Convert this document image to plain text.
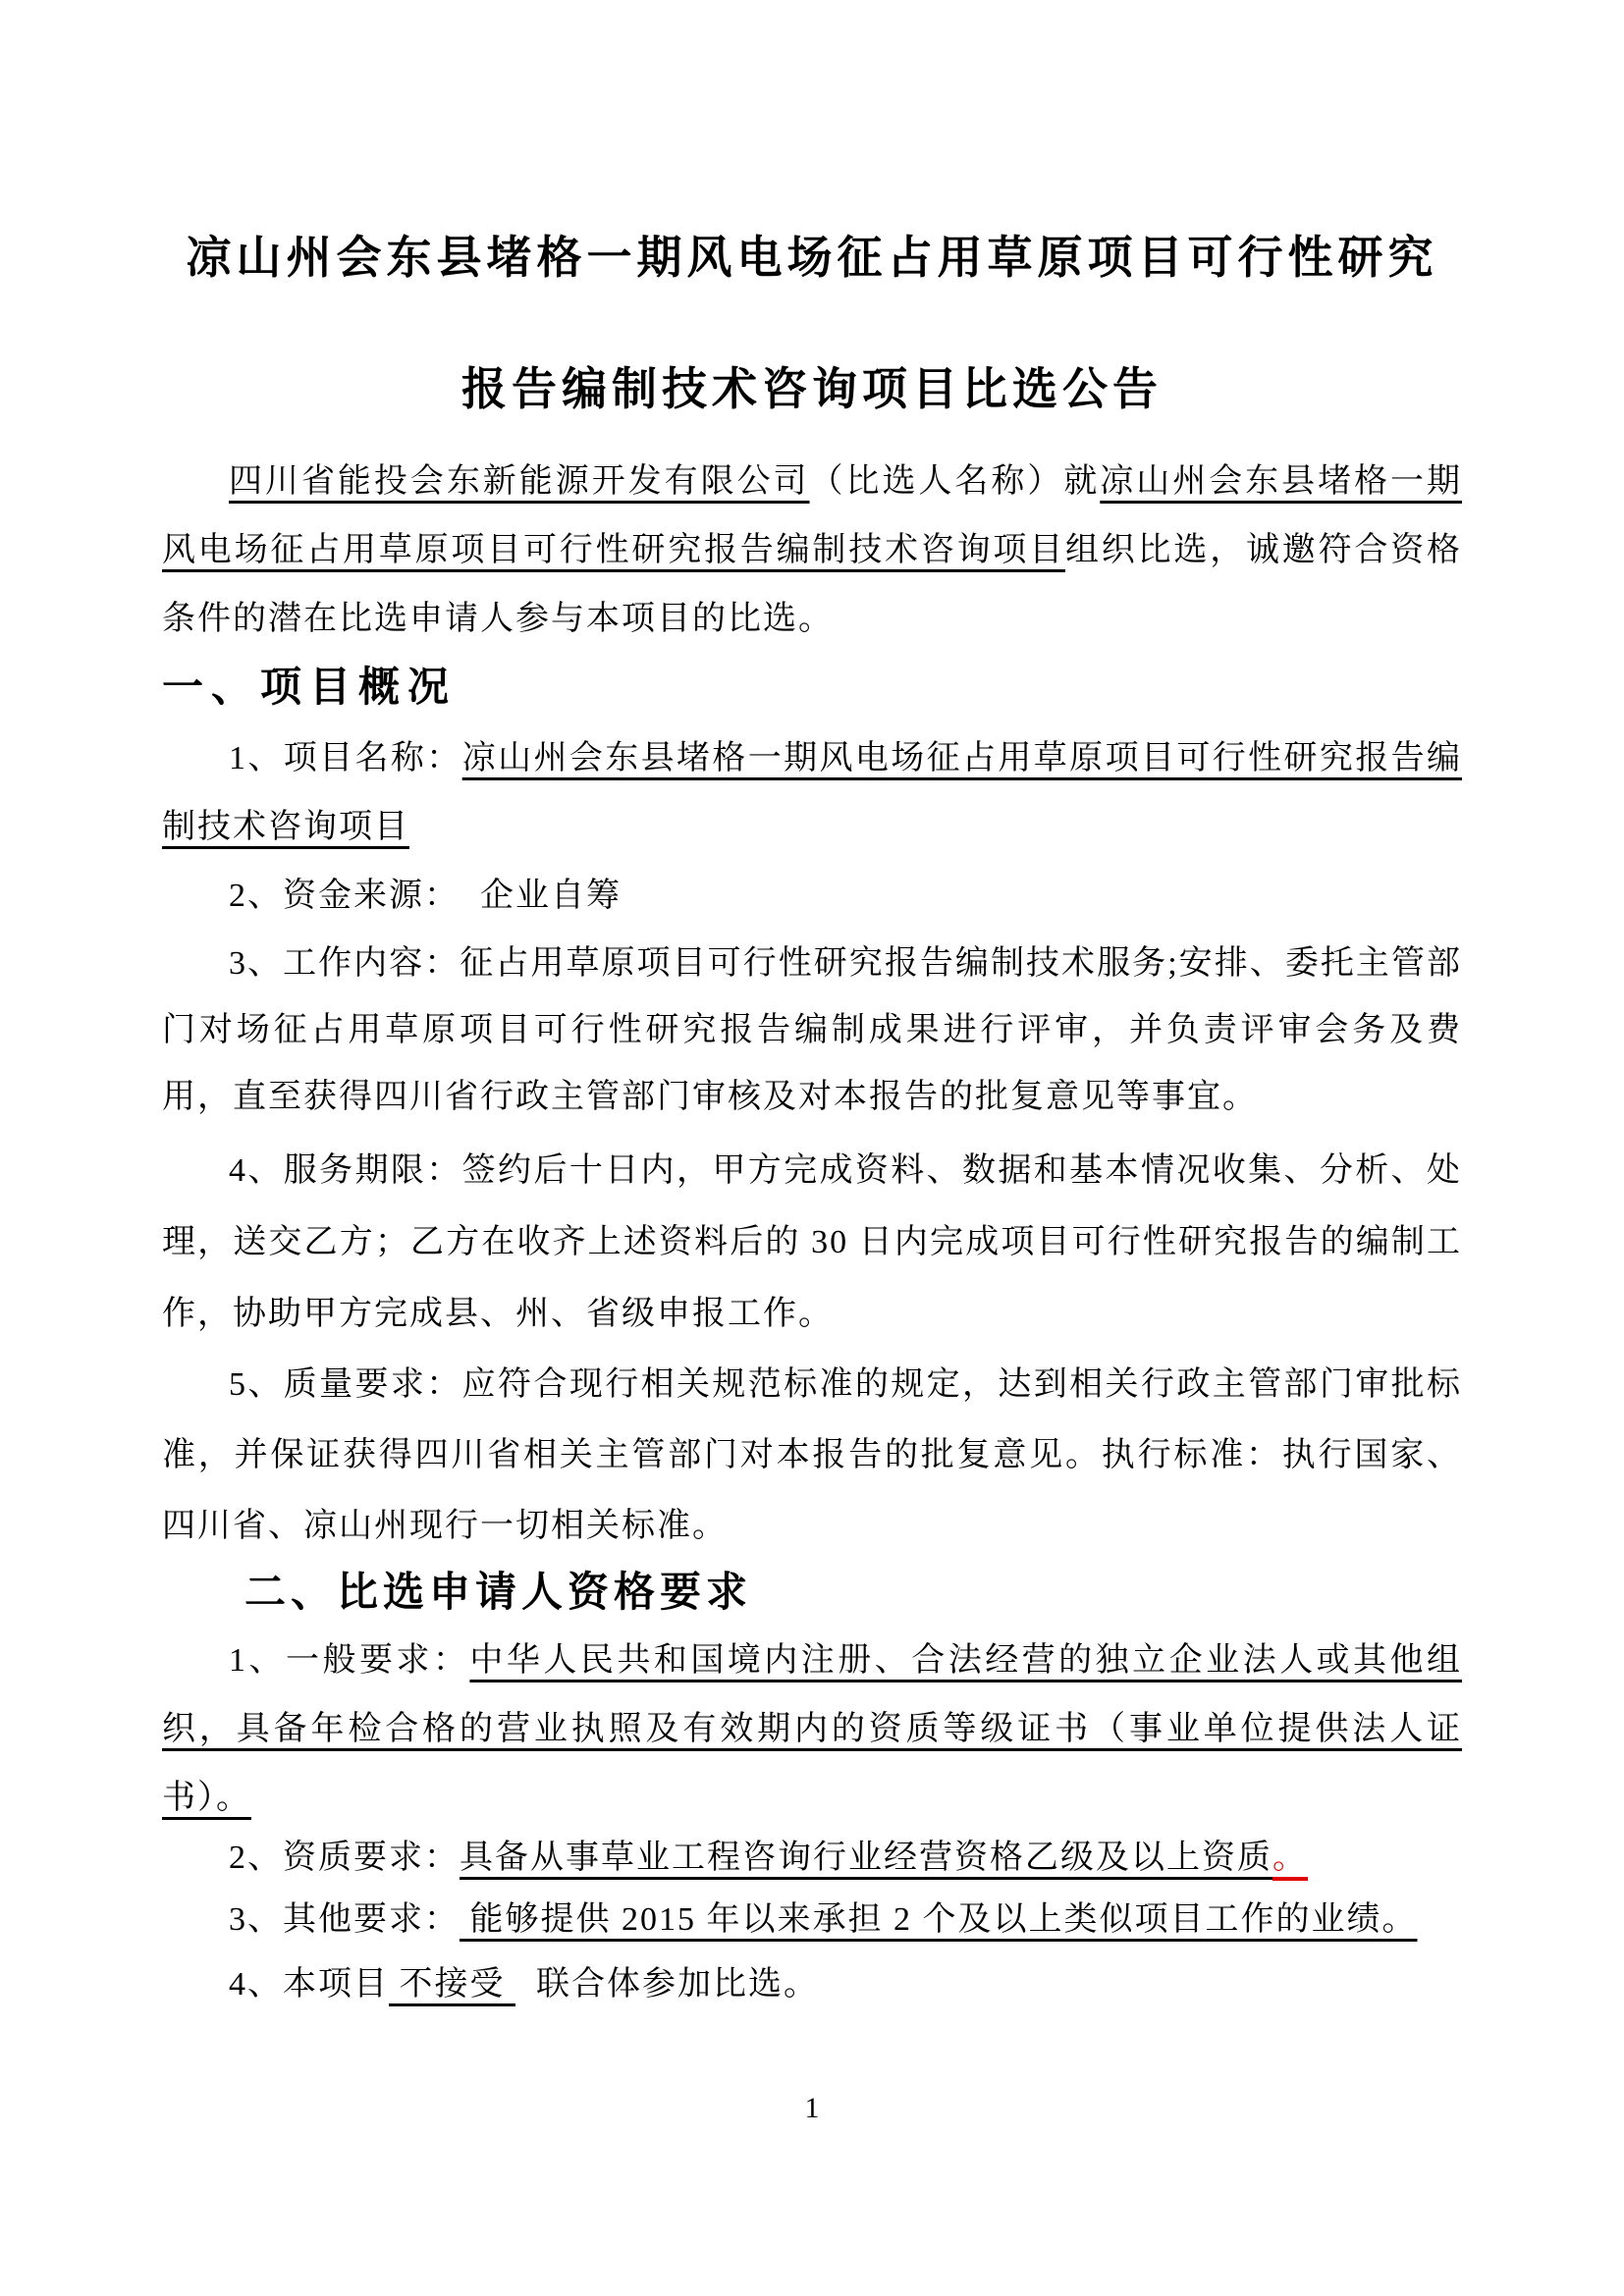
凉山州会东县堵格一期风电场征占用草原项目可行性研究
报告编制技术咨询项目比选公告

四川省能投会东新能源开发有限公司（比选人名称）就凉山州会东县堵格一期风电场征占用草原项目可行性研究报告编制技术咨询项目组织比选，诚邀符合资格条件的潜在比选申请人参与本项目的比选。

一、项目概况

1、项目名称：凉山州会东县堵格一期风电场征占用草原项目可行性研究报告编制技术咨询项目

2、资金来源：  企业自筹

3、工作内容：征占用草原项目可行性研究报告编制技术服务;安排、委托主管部门对场征占用草原项目可行性研究报告编制成果进行评审，并负责评审会务及费用，直至获得四川省行政主管部门审核及对本报告的批复意见等事宜。

4、服务期限：签约后十日内，甲方完成资料、数据和基本情况收集、分析、处 理，送交乙方；乙方在收齐上述资料后的 30 日内完成项目可行性研究报告的编制工作，协助甲方完成县、州、省级申报工作。

5、质量要求：应符合现行相关规范标准的规定，达到相关行政主管部门审批标准，并保证获得四川省相关主管部门对本报告的批复意见。执行标准：执行国家、四川省、凉山州现行一切相关标准。

二、比选申请人资格要求

1、一般要求：中华人民共和国境内注册、合法经营的独立企业法人或其他组织，具备年检合格的营业执照及有效期内的资质等级证书（事业单位提供法人证书）。

2、资质要求：具备从事草业工程咨询行业经营资格乙级及以上资质。

3、其他要求： 能够提供 2015 年以来承担 2 个及以上类似项目工作的业绩。

4、本项目 不接受   联合体参加比选。

1
